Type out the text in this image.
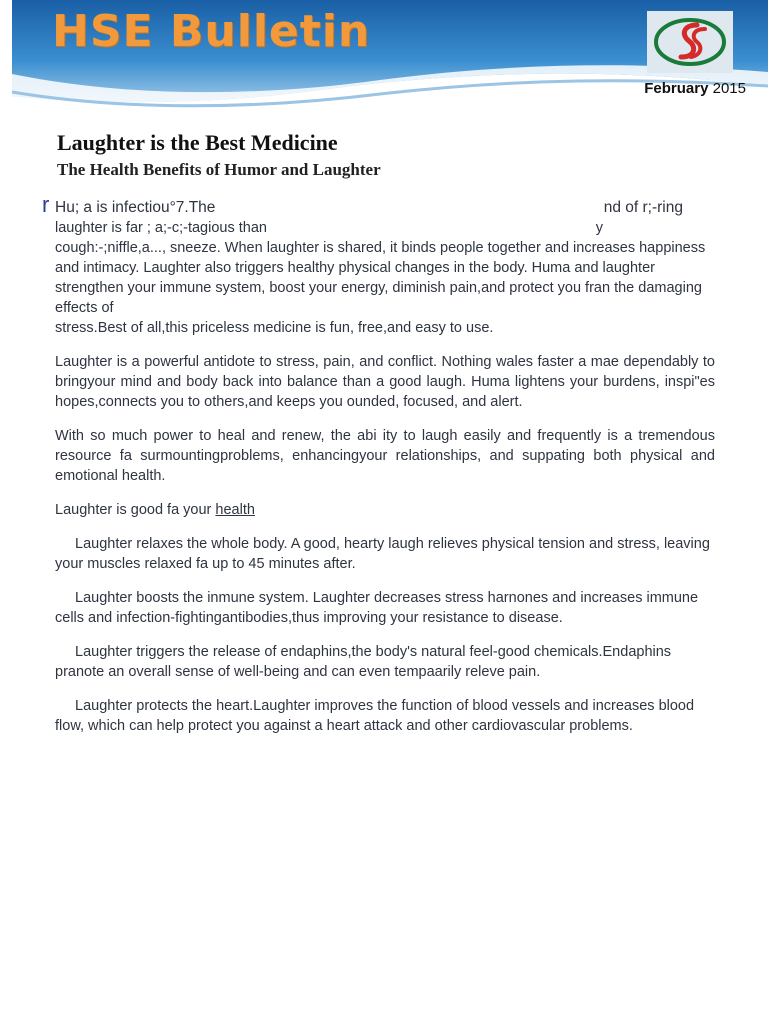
HSE Bulletin
February 2015
Laughter is the Best Medicine
The Health Benefits of Humor and Laughter

r Hu; a is infectiou°7.The	nd of r;-ring
laughter is far ; a;-c;-tagious than	y
cough:-;niffle,a..., sneeze. When laughter is shared, it binds people together and increases happiness and intimacy. Laughter also triggers healthy physical changes in the body. Huma and laughter strengthen your immune system, boost your energy, diminish pain,and protect you fran the damaging effects of
stress.Best of all,this priceless medicine is fun, free,and easy to use.

Laughter is a powerful antidote to stress, pain, and conflict. Nothing wales faster a mae dependably to bringyour mind and body back into balance than a good laugh. Huma lightens your burdens, inspi"es hopes,connects you to others,and keeps you ounded, focused, and alert.

With so much power to heal and renew, the abi ity to laugh easily and frequently is a tremendous resource fa surmountingproblems, enhancingyour relationships, and suppating both physical and emotional health.

Laughter is good fa your health

Laughter relaxes the whole body. A good, hearty laugh relieves physical tension and stress, leaving your muscles relaxed fa up to 45 minutes after.

Laughter boosts the inmune system. Laughter decreases stress harnones and increases immune cells and infection-fightingantibodies,thus improving your resistance to disease.

Laughter triggers the release of endaphins,the body's natural feel-good chemicals.Endaphins pranote an overall sense of well-being and can even tempaarily releve pain.

Laughter protects the heart.Laughter improves the function of blood vessels and increases blood flow, which can help protect you against a heart attack and other cardiovascular problems.
